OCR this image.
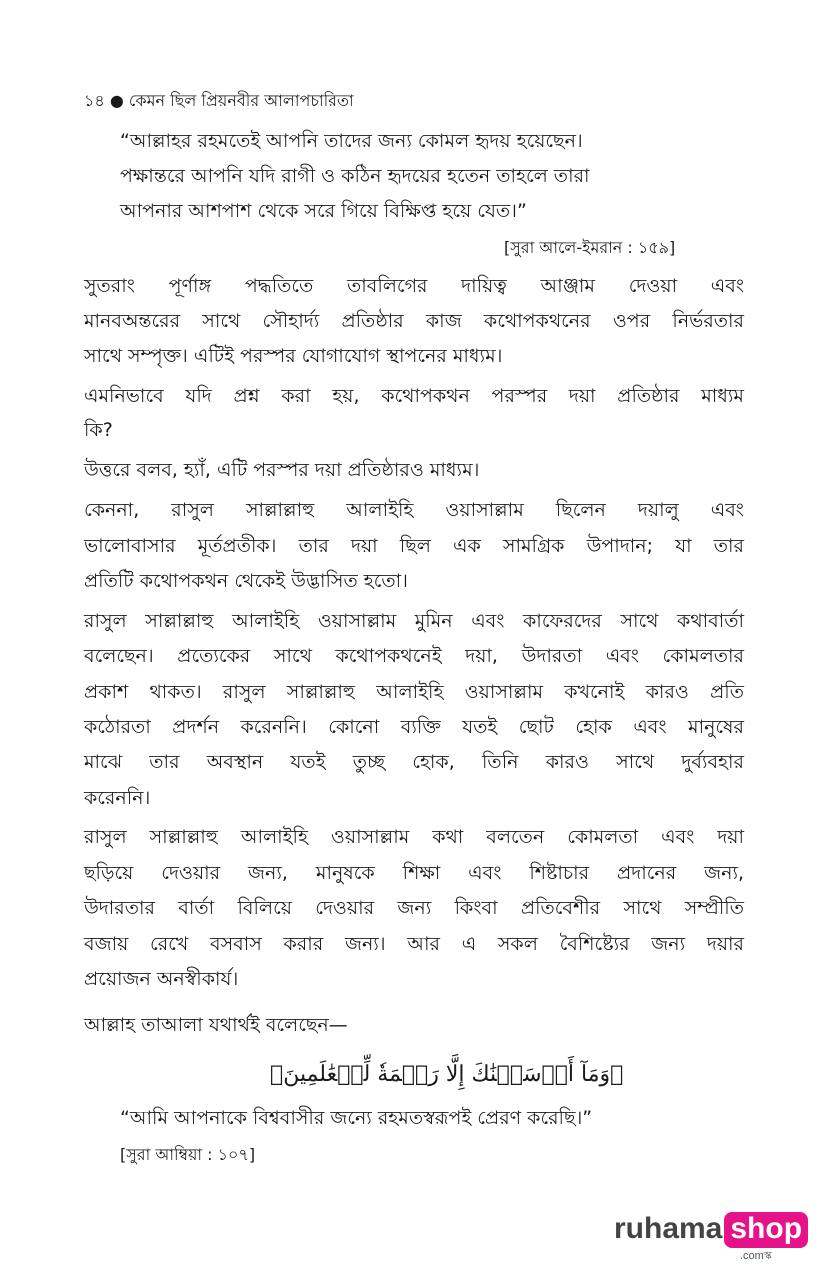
১৪ ● কেমন ছিল প্রিয়নবীর আলাপচারিতা
“আল্লাহর রহমতেই আপনি তাদের জন্য কোমল হৃদয় হয়েছেন।
পক্ষান্তরে আপনি যদি রাগী ও কঠিন হৃদয়ের হতেন তাহলে তারা
আপনার আশপাশ থেকে সরে গিয়ে বিক্ষিপ্ত হয়ে যেত।”
[সুরা আলে-ইমরান : ১৫৯]
সুতরাং পূর্ণাঙ্গ পদ্ধতিতে তাবলিগের দায়িত্ব আঞ্জাম দেওয়া এবং
মানবঅন্তরের সাথে সৌহার্দ্য প্রতিষ্ঠার কাজ কথোপকথনের ওপর নির্ভরতার
সাথে সম্পৃক্ত। এটিই পরস্পর যোগাযোগ স্থাপনের মাধ্যম।
এমনিভাবে যদি প্রশ্ন করা হয়, কথোপকথন পরস্পর দয়া প্রতিষ্ঠার মাধ্যম
কি?
উত্তরে বলব, হ্যাঁ, এটি পরস্পর দয়া প্রতিষ্ঠারও মাধ্যম।
কেননা, রাসুল সাল্লাল্লাহু আলাইহি ওয়াসাল্লাম ছিলেন দয়ালু এবং
ভালোবাসার মূর্তপ্রতীক। তার দয়া ছিল এক সামগ্রিক উপাদান; যা তার
প্রতিটি কথোপকথন থেকেই উদ্ভাসিত হতো।
রাসুল সাল্লাল্লাহু আলাইহি ওয়াসাল্লাম মুমিন এবং কাফেরদের সাথে কথাবার্তা
বলেছেন। প্রত্যেকের সাথে কথোপকথনেই দয়া, উদারতা এবং কোমলতার
প্রকাশ থাকত। রাসুল সাল্লাল্লাহু আলাইহি ওয়াসাল্লাম কখনোই কারও প্রতি
কঠোরতা প্রদর্শন করেননি। কোনো ব্যক্তি যতই ছোট হোক এবং মানুষের
মাঝে তার অবস্থান যতই তুচ্ছ হোক, তিনি কারও সাথে দুর্ব্যবহার
করেননি।
রাসুল সাল্লাল্লাহু আলাইহি ওয়াসাল্লাম কথা বলতেন কোমলতা এবং দয়া
ছড়িয়ে দেওয়ার জন্য, মানুষকে শিক্ষা এবং শিষ্টাচার প্রদানের জন্য,
উদারতার বার্তা বিলিয়ে দেওয়ার জন্য কিংবা প্রতিবেশীর সাথে সম্প্রীতি
বজায় রেখে বসবাস করার জন্য। আর এ সকল বৈশিষ্ট্যের জন্য দয়ার
প্রয়োজন অনস্বীকার্য।
আল্লাহ তাআলা যথার্থই বলেছেন—
﴿وَمَآ أَرۡسَلۡنَٰكَ إِلَّا رَحۡمَةٗ لِّلۡعَٰلَمِينَ﴾
“আমি আপনাকে বিশ্ববাসীর জন্যে রহমতস্বরূপই প্রেরণ করেছি।”
[সুরা আম্বিয়া : ১০৭]
ruhama shop
.comস্ক
